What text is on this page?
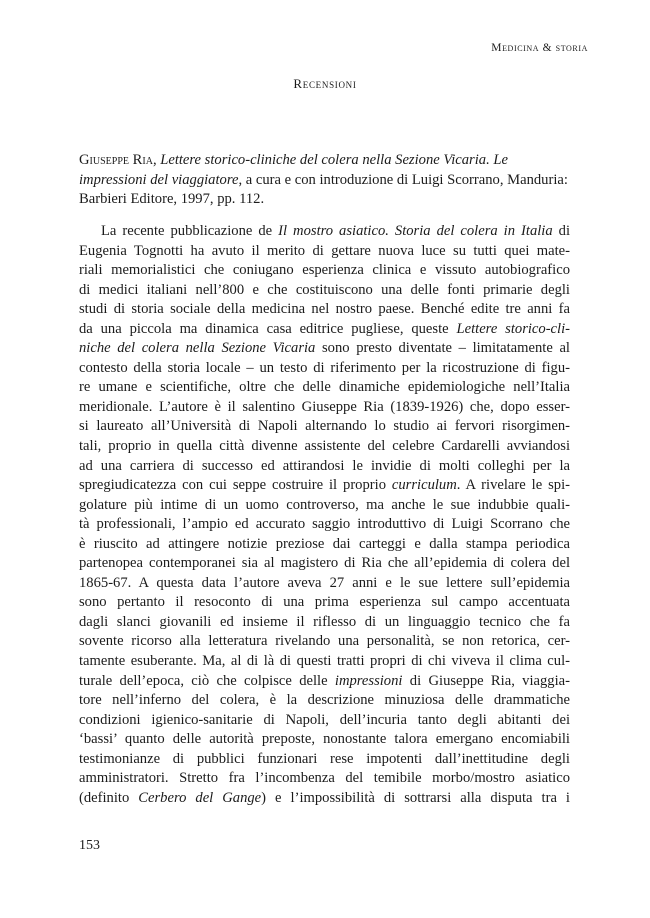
Medicina & storia
Recensioni

Giuseppe Ria, Lettere storico-cliniche del colera nella Sezione Vicaria. Le impressioni del viaggiatore, a cura e con introduzione di Luigi Scorrano, Manduria: Barbieri Editore, 1997, pp. 112.

La recente pubblicazione de Il mostro asiatico. Storia del colera in Italia di
Eugenia Tognotti ha avuto il merito di gettare nuova luce su tutti quei mate-
riali memorialistici che coniugano esperienza clinica e vissuto autobiografico
di medici italiani nell’800 e che costituiscono una delle fonti primarie degli
studi di storia sociale della medicina nel nostro paese. Benché edite tre anni fa
da una piccola ma dinamica casa editrice pugliese, queste Lettere storico-cli-
niche del colera nella Sezione Vicaria sono presto diventate – limitatamente al
contesto della storia locale – un testo di riferimento per la ricostruzione di figu-
re umane e scientifiche, oltre che delle dinamiche epidemiologiche nell’Italia
meridionale. L’autore è il salentino Giuseppe Ria (1839-1926) che, dopo esser-
si laureato all’Università di Napoli alternando lo studio ai fervori risorgimen-
tali, proprio in quella città divenne assistente del celebre Cardarelli avviandosi
ad una carriera di successo ed attirandosi le invidie di molti colleghi per la
spregiudicatezza con cui seppe costruire il proprio curriculum. A rivelare le spi-
golature più intime di un uomo controverso, ma anche le sue indubbie quali-
tà professionali, l’ampio ed accurato saggio introduttivo di Luigi Scorrano che
è riuscito ad attingere notizie preziose dai carteggi e dalla stampa periodica
partenopea contemporanei sia al magistero di Ria che all’epidemia di colera del
1865-67. A questa data l’autore aveva 27 anni e le sue lettere sull’epidemia
sono pertanto il resoconto di una prima esperienza sul campo accentuata
dagli slanci giovanili ed insieme il riflesso di un linguaggio tecnico che fa
sovente ricorso alla letteratura rivelando una personalità, se non retorica, cer-
tamente esuberante. Ma, al di là di questi tratti propri di chi viveva il clima cul-
turale dell’epoca, ciò che colpisce delle impressioni di Giuseppe Ria, viaggia-
tore nell’inferno del colera, è la descrizione minuziosa delle drammatiche
condizioni igienico-sanitarie di Napoli, dell’incuria tanto degli abitanti dei
‘bassi’ quanto delle autorità preposte, nonostante talora emergano encomiabili
testimonianze di pubblici funzionari rese impotenti dall’inettitudine degli
amministratori. Stretto fra l’incombenza del temibile morbo/mostro asiatico
(definito Cerbero del Gange) e l’impossibilità di sottrarsi alla disputa tra i
153
